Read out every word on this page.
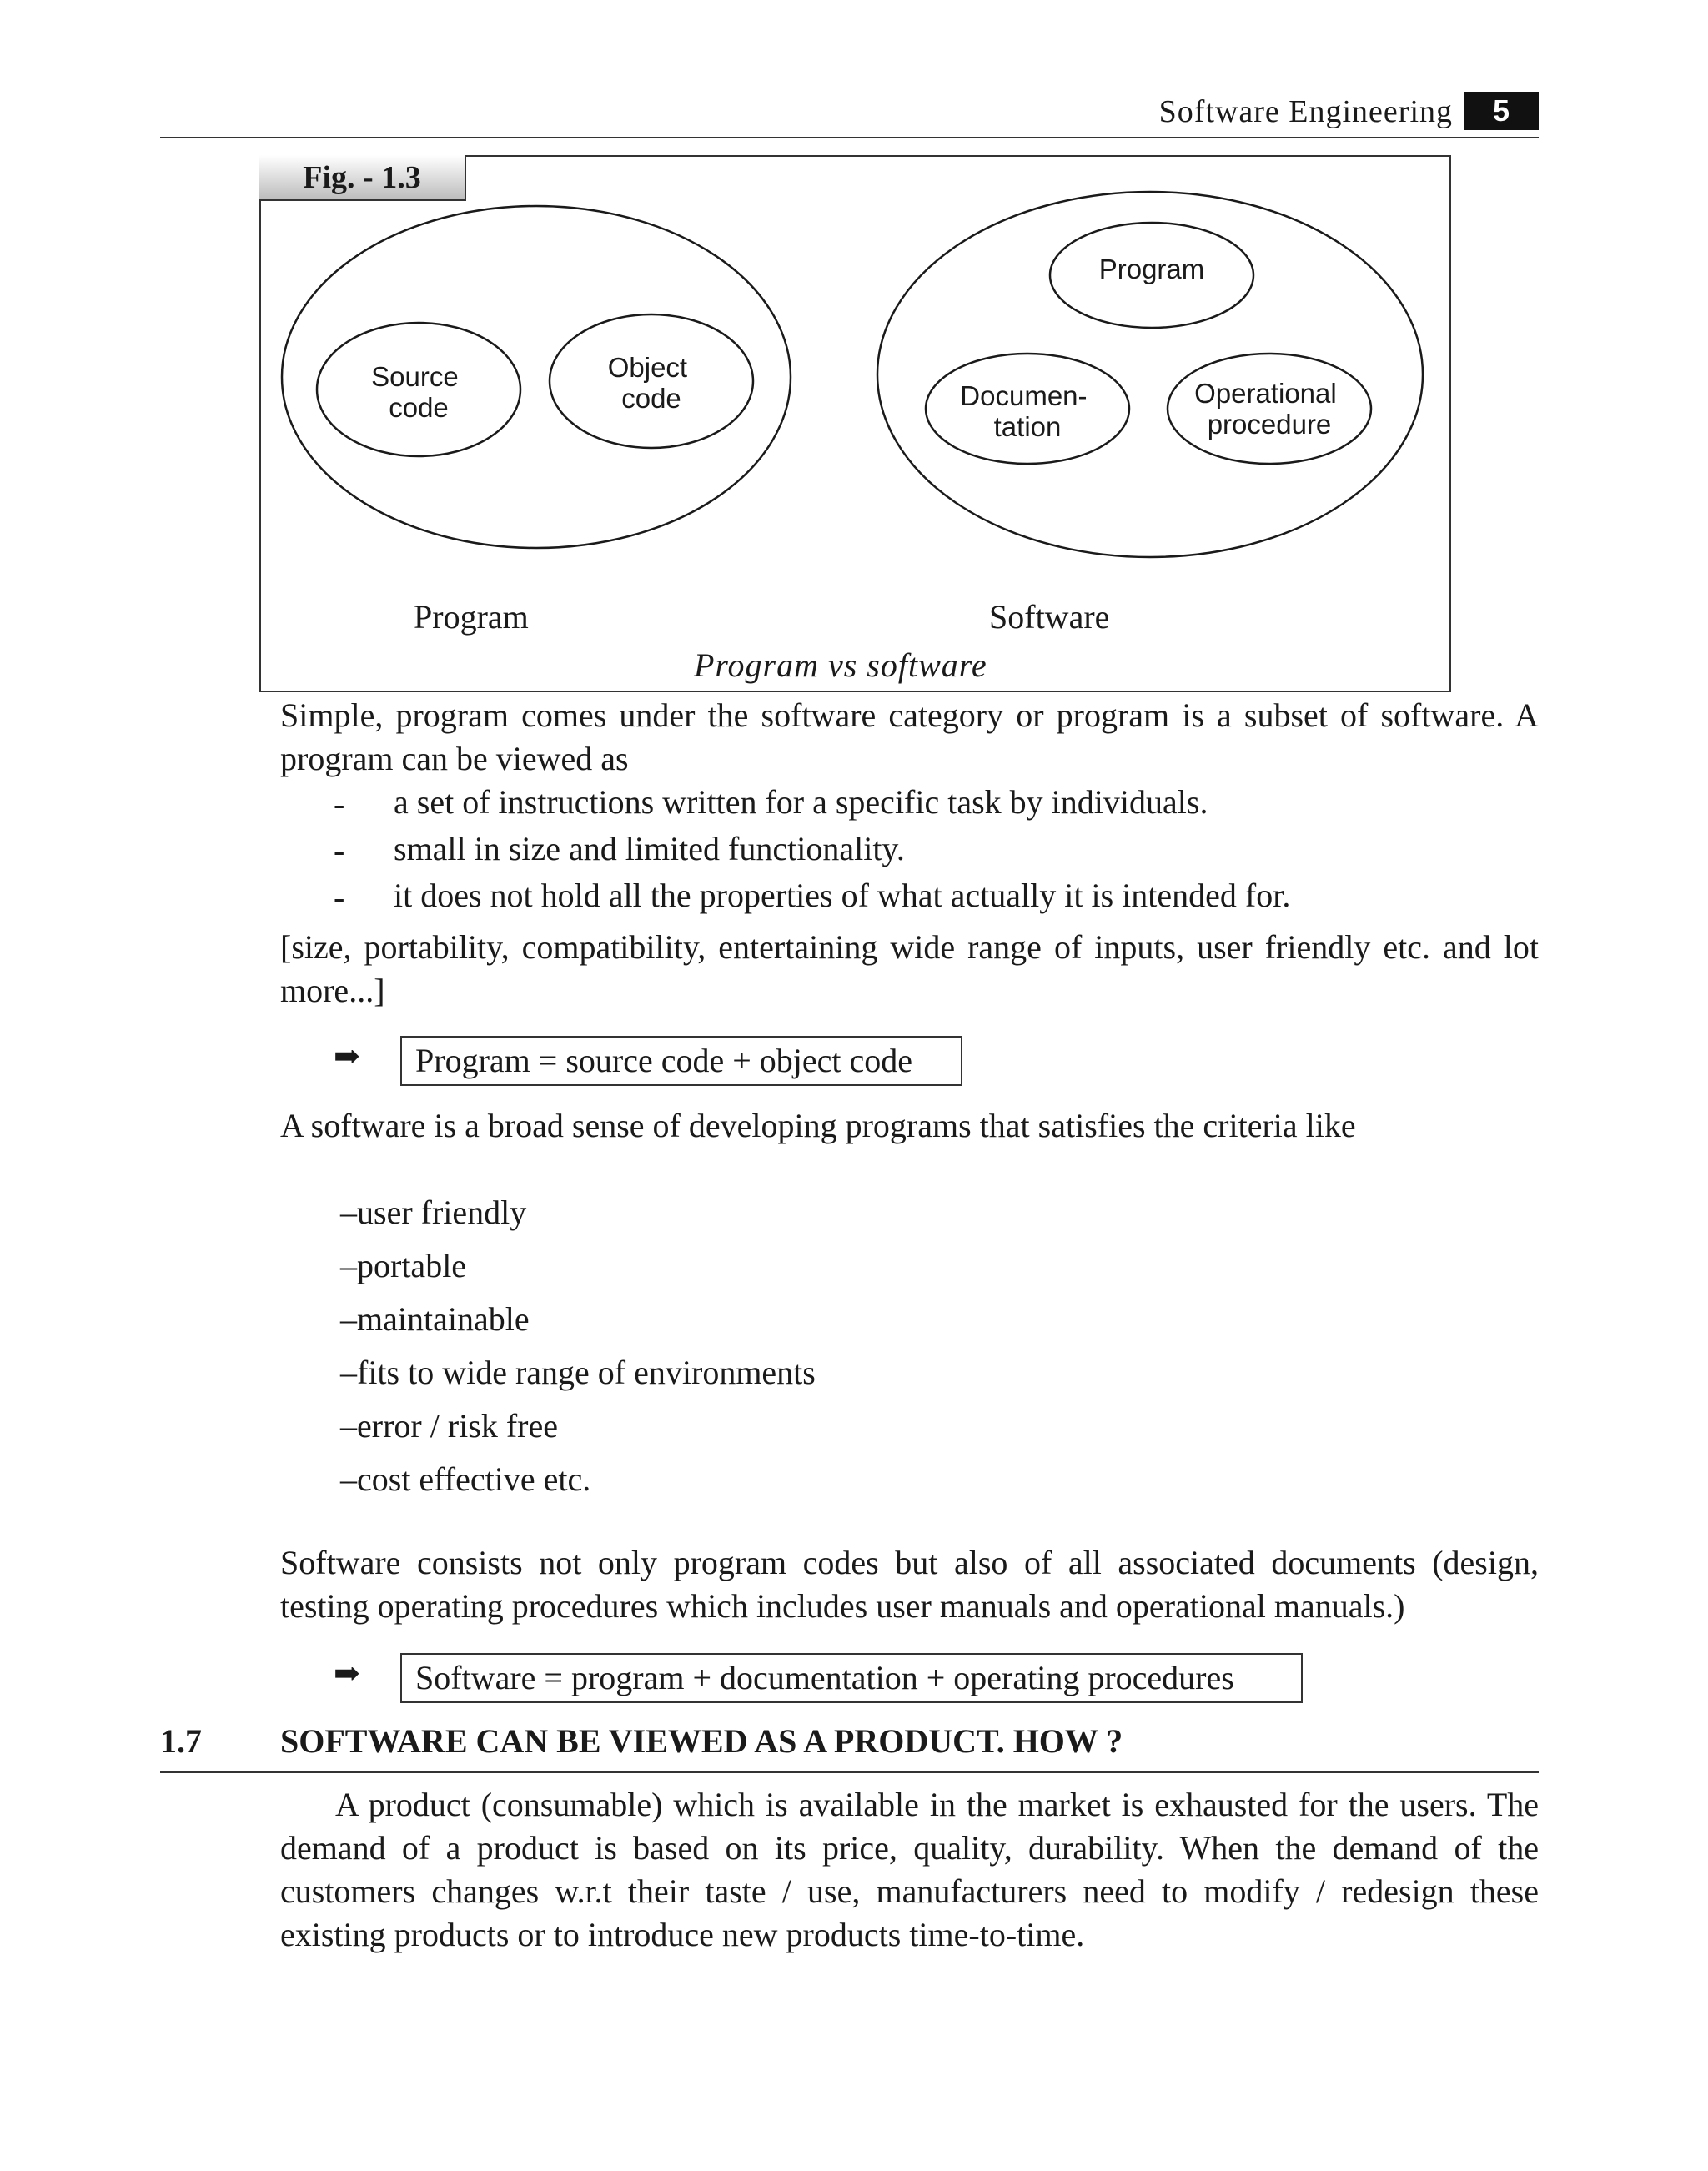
Software Engineering	5
Fig. - 1.3
Source code
Object code
Program
Documen- tation
Operational procedure
Program	Software
Program vs software
Simple, program comes under the software category or program is a subset of software. A program can be viewed as
- a set of instructions written for a specific task by individuals.
- small in size and limited functionality.
- it does not hold all the properties of what actually it is intended for.
[size, portability, compatibility, entertaining wide range of inputs, user friendly etc. and lot more...]
➡	Program = source code + object code
A software is a broad sense of developing programs that satisfies the criteria like
–user friendly
–portable
–maintainable
–fits to wide range of environments
–error / risk free
–cost effective etc.
Software consists not only program codes but also of all associated documents (design, testing operating procedures which includes user manuals and operational manuals.)
➡	Software = program + documentation + operating procedures
1.7 SOFTWARE CAN BE VIEWED AS A PRODUCT. HOW ?
A product (consumable) which is available in the market is exhausted for the users. The demand of a product is based on its price, quality, durability. When the demand of the customers changes w.r.t their taste / use, manufacturers need to modify / redesign these existing products or to introduce new products time-to-time.
